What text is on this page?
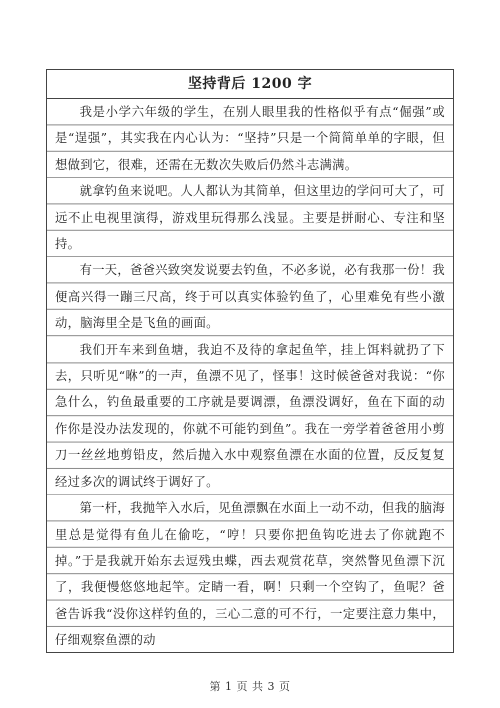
坚持背后 1200 字

我是小学六年级的学生，在别人眼里我的性格似乎有点“倔强”或是“逞强”，其实我在内心认为：“坚持”只是一个简简单单的字眼，但想做到它，很难，还需在无数次失败后仍然斗志满满。

就拿钓鱼来说吧。人人都认为其简单，但这里边的学问可大了，可远不止电视里演得，游戏里玩得那么浅显。主要是拼耐心、专注和坚持。

有一天，爸爸兴致突发说要去钓鱼，不必多说，必有我那一份！我便高兴得一蹦三尺高，终于可以真实体验钓鱼了，心里难免有些小激动，脑海里全是飞鱼的画面。

我们开车来到鱼塘，我迫不及待的拿起鱼竿，挂上饵料就扔了下去，只听见“咻”的一声，鱼漂不见了，怪事！这时候爸爸对我说：“你急什么，钓鱼最重要的工序就是要调漂，鱼漂没调好，鱼在下面的动作你是没办法发现的，你就不可能钓到鱼”。我在一旁学着爸爸用小剪刀一丝丝地剪铅皮，然后抛入水中观察鱼漂在水面的位置，反反复复经过多次的调试终于调好了。

第一杆，我抛竿入水后，见鱼漂飘在水面上一动不动，但我的脑海里总是觉得有鱼儿在偷吃，“哼！只要你把鱼钩吃进去了你就跑不掉。”于是我就开始东去逗残虫蝶，西去观赏花草，突然瞥见鱼漂下沉了，我便慢悠悠地起竿。定睛一看，啊！只剩一个空钩了，鱼呢？爸爸告诉我“没你这样钓鱼的，三心二意的可不行，一定要注意力集中，仔细观察鱼漂的动

第 1 页 共 3 页
